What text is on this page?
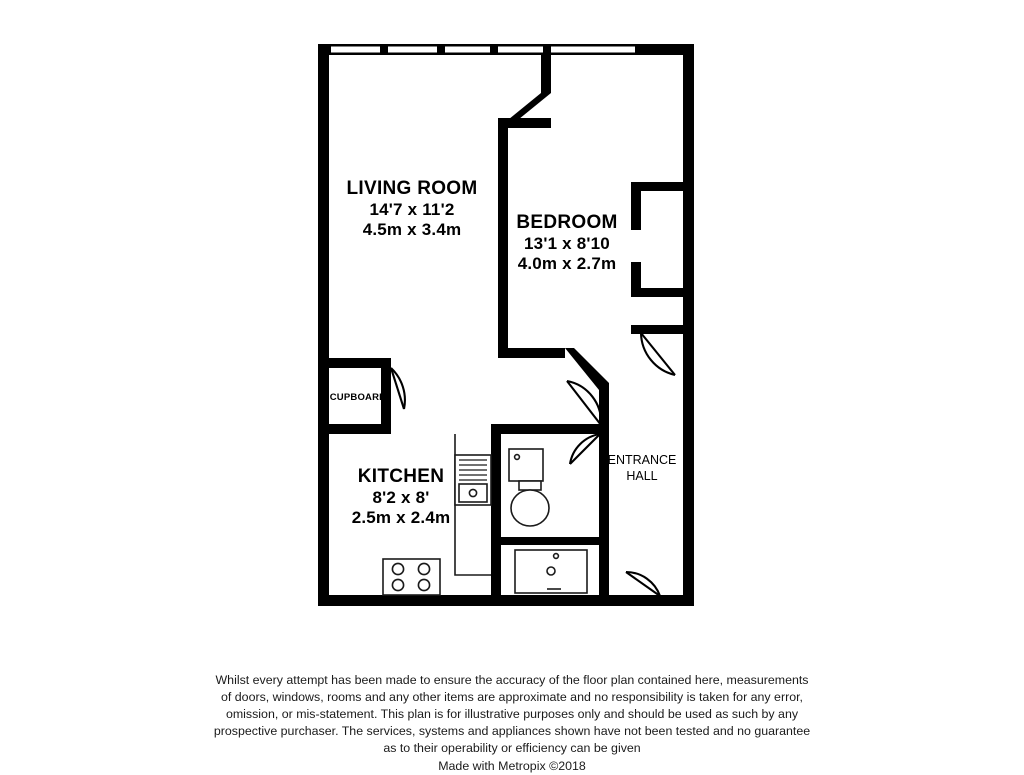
LIVING ROOM
14'7 x 11'2
4.5m x 3.4m	BEDROOM
13'1 x 8'10
4.0m x 2.7m
KITCHEN
8'2 x 8'
2.5m x 2.4m
CUPBOARD
ENTRANCE
HALL

Whilst every attempt has been made to ensure the accuracy of the floor plan contained here, measurements

of doors, windows, rooms and any other items are approximate and no responsibility is taken for any error,

omission, or mis-statement. This plan is for illustrative purposes only and should be used as such by any

prospective purchaser. The services, systems and appliances shown have not been tested and no guarantee

as to their operability or efficiency can be given

Made with Metropix ©2018
